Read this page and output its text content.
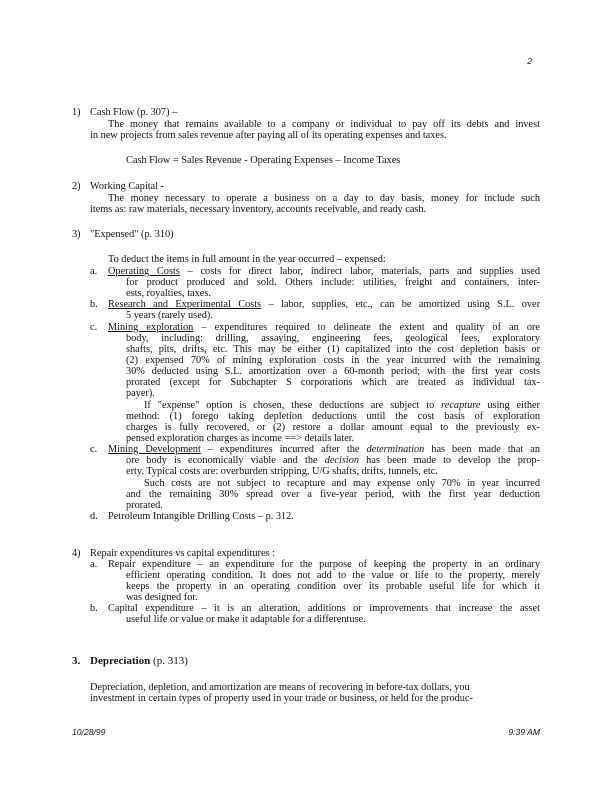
2
1) Cash Flow (p. 307) –
The money that remains available to a company or individual to pay off its debts and invest
in new projects from sales revenue after paying all of its operating expenses and taxes.
Cash Flow = Sales Revenue - Operating Expenses – Income Taxes
2) Working Capital -
The money necessary to operate a business on a day to day basis, money for include such
items as: raw materials, necessary inventory, accounts receivable, and ready cash.
3) "Expensed" (p. 310)
To deduct the items in full amount in the year occurred – expensed:
a. Operating Costs – costs for direct labor, indirect labor, materials, parts and supplies used
for product produced and sold. Others include: utilities, freight and containers, inter-
ests, royalties, taxes.
b. Research and Experimental Costs – labor, supplies, etc., can be amortized using S.L. over
5 years (rarely used).
c. Mining exploration – expenditures required to delineate the extent and quality of an ore
body, including: drilling, assaying, engineering fees, geological fees, exploratory
shafts, pits, drifts, etc. This may be either (1) capitalized into the cost depletion basis or
(2) expensed 70% of mining exploration costs in the year incurred with the remaining
30% deducted using S.L. amortization over a 60-month period; with the first year costs
prorated (except for Subchapter S corporations which are treated as individual tax-
payer).
If "expense" option is chosen, these deductions are subject to recapture using either
method: (1) forego taking depletion deductions until the cost basis of exploration
charges is fully recovered, or (2) restore a dollar amount equal to the previously ex-
pensed exploration charges as income ==> details later.
c. Mining Development – expenditures incurred after the determination has been made that an
ore body is economically viable and the decision has been made to develop the prop-
erty. Typical costs are: overburden stripping, U/G shafts, drifts, tunnels, etc.
Such costs are not subject to recapture and may expense only 70% in year incurred
and the remaining 30% spread over a five-year period, with the first year deduction
prorated.
d. Petroleum Intangible Drilling Costs – p. 312.
4) Repair expenditures vs capital expenditures :
a. Repair expenditure – an expenditure for the purpose of keeping the property in an ordinary
efficient operating condition. It does not add to the value or life to the property, merely
keeps the property in an operating condition over its probable useful life for which it
was designed for.
b. Capital expenditure – it is an alteration, additions or improvements that increase the asset
useful life or value or make it adaptable for a differentuse.
3. Depreciation (p. 313)
Depreciation, depletion, and amortization are means of recovering in before-tax dollars, you
investment in certain types of property used in your trade or business, or held for the produc-
10/28/99	9:39 AM
